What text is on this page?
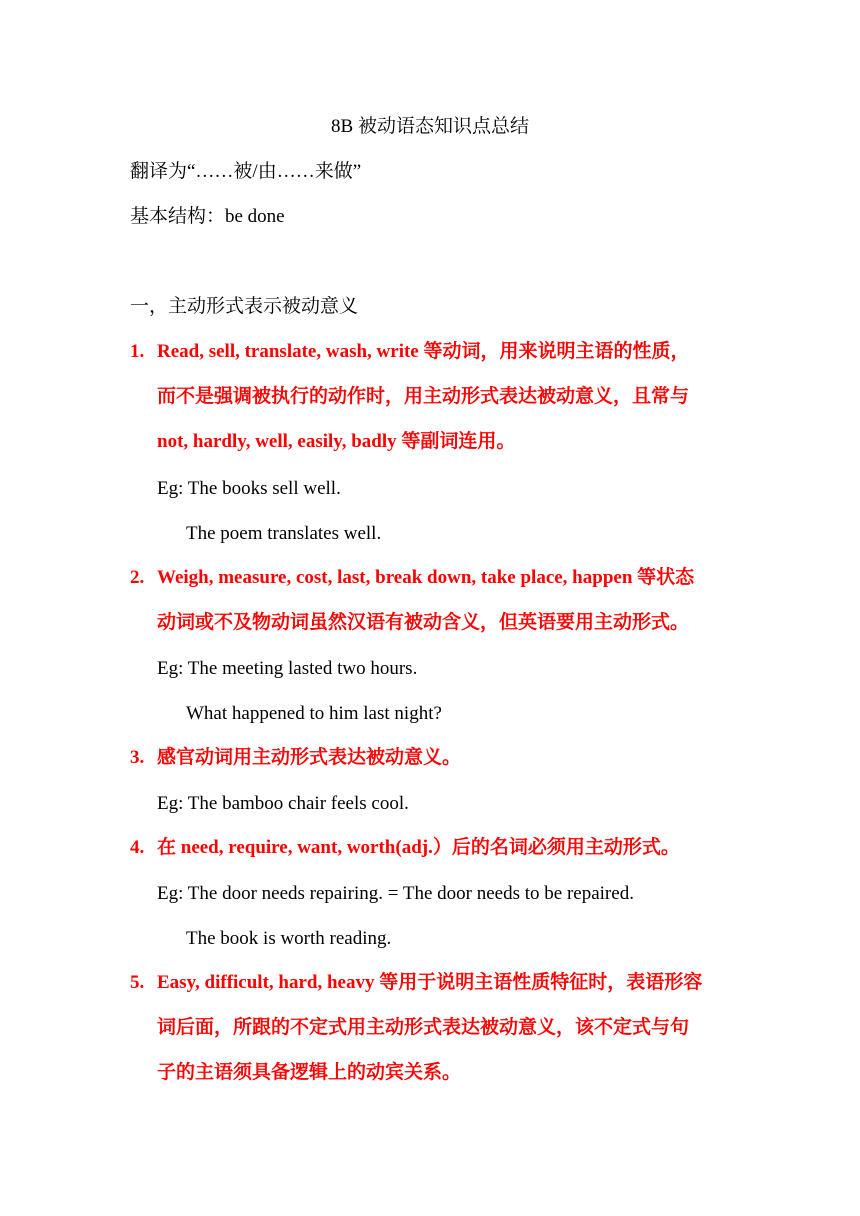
8B 被动语态知识点总结
翻译为“……被/由……来做”
基本结构：be done
一，主动形式表示被动意义
1. Read, sell, translate, wash, write 等动词，用来说明主语的性质，
而不是强调被执行的动作时，用主动形式表达被动意义，且常与
not, hardly, well, easily, badly 等副词连用。
Eg: The books sell well.
The poem translates well.
2. Weigh, measure, cost, last, break down, take place, happen 等状态
动词或不及物动词虽然汉语有被动含义，但英语要用主动形式。
Eg: The meeting lasted two hours.
What happened to him last night?
3. 感官动词用主动形式表达被动意义。
Eg: The bamboo chair feels cool.
4. 在 need, require, want, worth(adj.）后的名词必须用主动形式。
Eg: The door needs repairing. = The door needs to be repaired.
The book is worth reading.
5. Easy, difficult, hard, heavy 等用于说明主语性质特征时，表语形容
词后面，所跟的不定式用主动形式表达被动意义，该不定式与句
子的主语须具备逻辑上的动宾关系。
